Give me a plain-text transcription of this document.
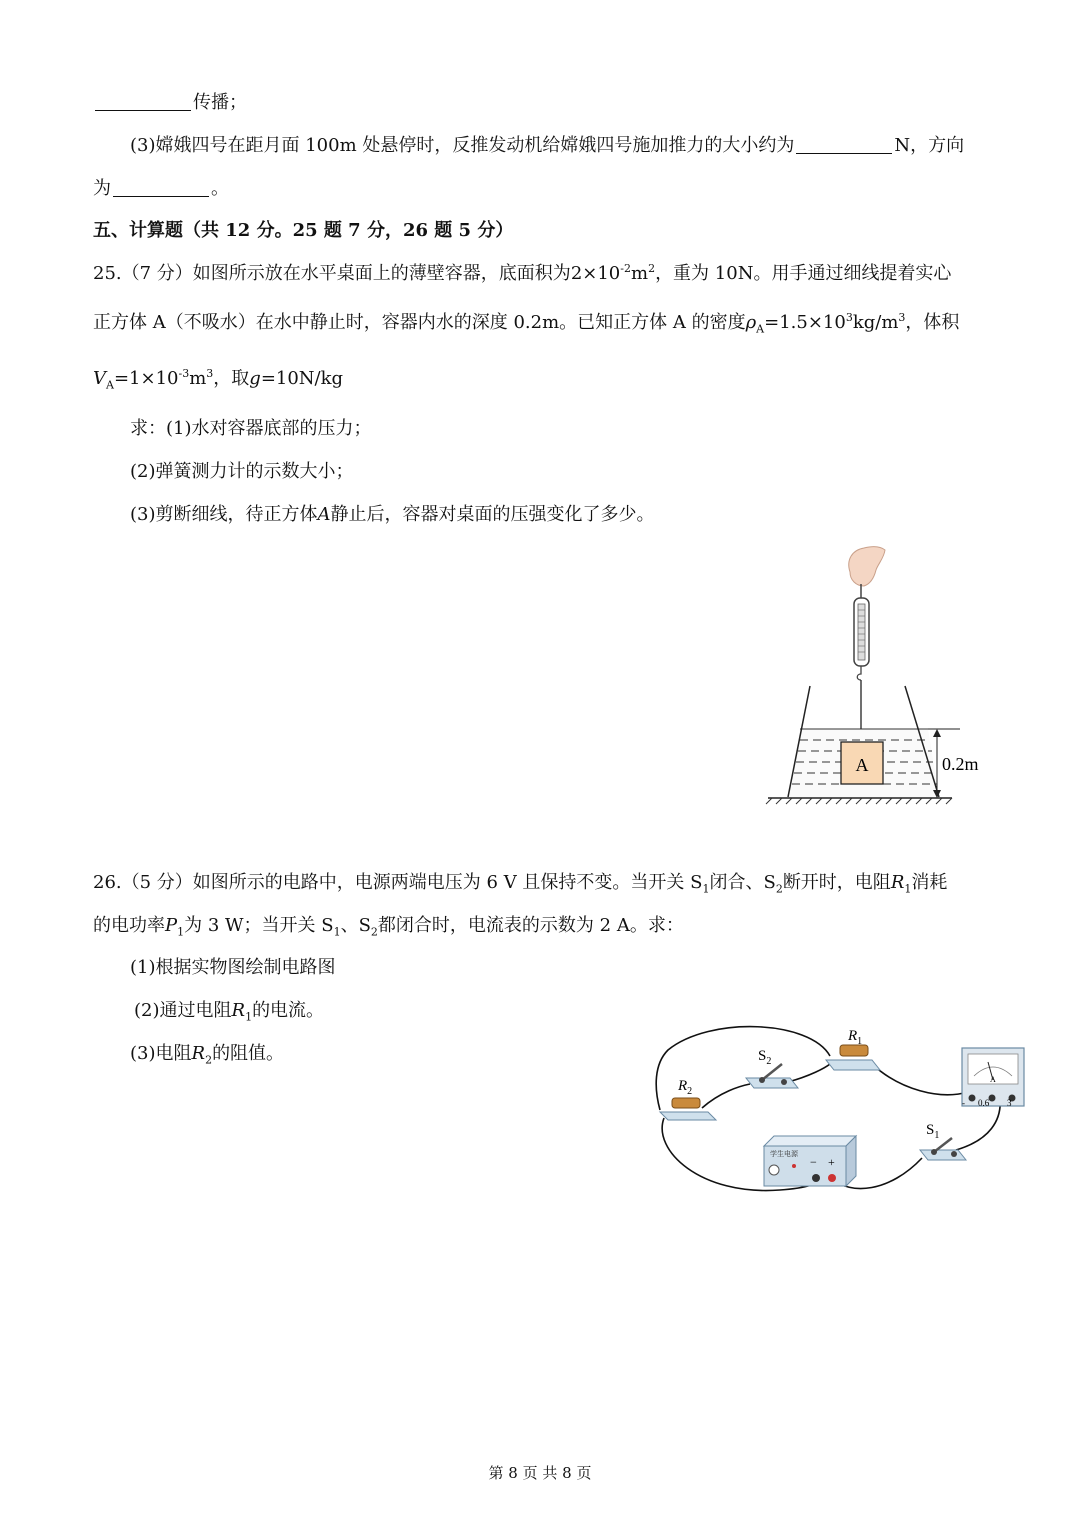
传播；
(3)嫦娥四号在距月面 100m 处悬停时，反推发动机给嫦娥四号施加推力的大小约为	N，方向
为	。
五、计算题（共 12 分。25 题 7 分，26 题 5 分）
25.（7 分）如图所示放在水平桌面上的薄壁容器，底面积为$2\times 10^{-2}m^2$，重为 10N。用手通过细线提着实心
正方体 A（不吸水）在水中静止时，容器内水的深度 0.2m。已知正方体 A 的密度$\rho_A=1.5\times 10^3kg/m^3$，体积
$V_A=1\times 10^{-3}m^3$，取g=10N/kg
求：(1)水对容器底部的压力；
(2)弹簧测力计的示数大小；
(3)剪断细线，待正方体A静止后，容器对桌面的压强变化了多少。
A	0.2m
26.（5 分）如图所示的电路中，电源两端电压为 6 V 且保持不变。当开关 $S_1$闭合、$S_2$断开时，电阻$R_1$消耗
的电功率$P_1$为 3 W；当开关 $S_1$、$S_2$都闭合时，电流表的示数为 2 A。求：
(1)根据实物图绘制电路图
(2)通过电阻$R_1$的电流。
(3)电阻$R_2$的阻值。
$R_2$
$S_2$
$R_1$
A
- 0.6 3
$S_1$
学生电源
− +
第 8 页 共 8 页
